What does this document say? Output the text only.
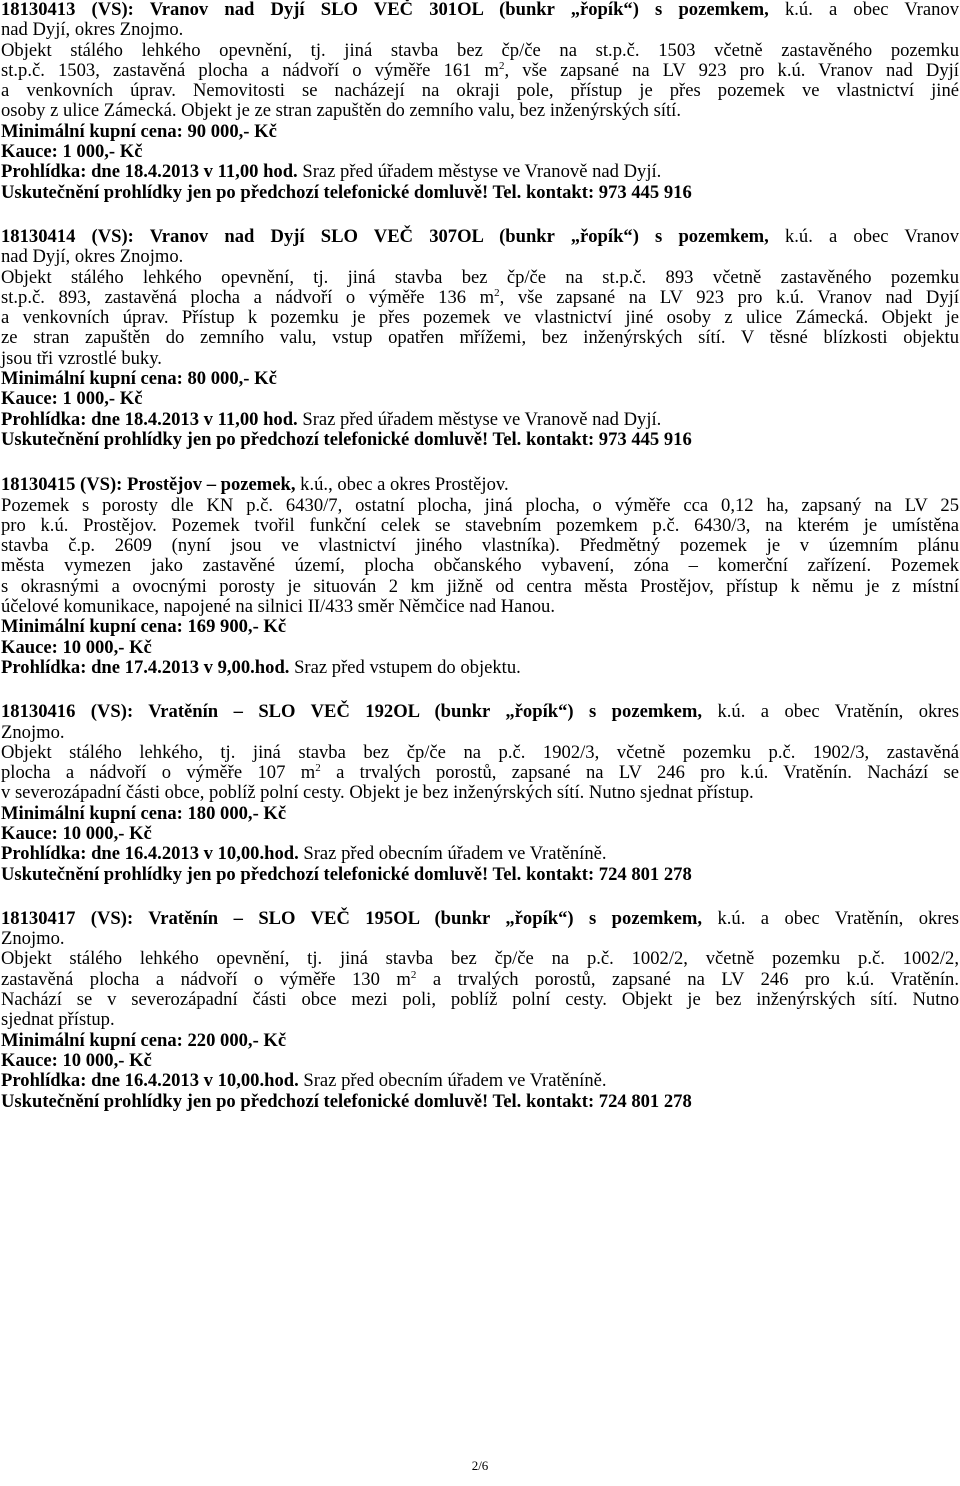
18130413 (VS): Vranov nad Dyjí SLO VEČ 301OL (bunkr „řopík“) s pozemkem, k.ú. a obec Vranov
nad Dyjí, okres Znojmo.
Objekt stálého lehkého opevnění, tj. jiná stavba bez čp/če na st.p.č. 1503 včetně zastavěného pozemku
st.p.č. 1503, zastavěná plocha a nádvoří o výměře 161 $m^2$, vše zapsané na LV 923 pro k.ú. Vranov nad Dyjí
a venkovních úprav. Nemovitosti se nacházejí na okraji pole, přístup je přes pozemek ve vlastnictví jiné
osoby z ulice Zámecká. Objekt je ze stran zapuštěn do zemního valu, bez inženýrských sítí.
Minimální kupní cena: 90 000,- Kč
Kauce: 1 000,- Kč
Prohlídka: dne 18.4.2013 v 11,00 hod. Sraz před úřadem městyse ve Vranově nad Dyjí.
Uskutečnění prohlídky jen po předchozí telefonické domluvě! Tel. kontakt: 973 445 916
18130414 (VS): Vranov nad Dyjí SLO VEČ 307OL (bunkr „řopík“) s pozemkem, k.ú. a obec Vranov
nad Dyjí, okres Znojmo.
Objekt stálého lehkého opevnění, tj. jiná stavba bez čp/če na st.p.č. 893 včetně zastavěného pozemku
st.p.č. 893, zastavěná plocha a nádvoří o výměře 136 $m^2$, vše zapsané na LV 923 pro k.ú. Vranov nad Dyjí
a venkovních úprav. Přístup k pozemku je přes pozemek ve vlastnictví jiné osoby z ulice Zámecká. Objekt je
ze stran zapuštěn do zemního valu, vstup opatřen mřížemi, bez inženýrských sítí. V těsné blízkosti objektu
jsou tři vzrostlé buky.
Minimální kupní cena: 80 000,- Kč
Kauce: 1 000,- Kč
Prohlídka: dne 18.4.2013 v 11,00 hod. Sraz před úřadem městyse ve Vranově nad Dyjí.
Uskutečnění prohlídky jen po předchozí telefonické domluvě! Tel. kontakt: 973 445 916
18130415 (VS): Prostějov – pozemek, k.ú., obec a okres Prostějov.
Pozemek s porosty dle KN p.č. 6430/7, ostatní plocha, jiná plocha, o výměře cca 0,12 ha, zapsaný na LV 25
pro k.ú. Prostějov. Pozemek tvořil funkční celek se stavebním pozemkem p.č. 6430/3, na kterém je umístěna
stavba č.p. 2609 (nyní jsou ve vlastnictví jiného vlastníka). Předmětný pozemek je v územním plánu
města vymezen jako zastavěné území, plocha občanského vybavení, zóna – komerční zařízení. Pozemek
s okrasnými a ovocnými porosty je situován 2 km jižně od centra města Prostějov, přístup k němu je z místní
účelové komunikace, napojené na silnici II/433 směr Němčice nad Hanou.
Minimální kupní cena: 169 900,- Kč
Kauce: 10 000,- Kč
Prohlídka: dne 17.4.2013 v 9,00.hod. Sraz před vstupem do objektu.
18130416 (VS): Vratěnín – SLO VEČ 192OL (bunkr „řopík“) s pozemkem, k.ú. a obec Vratěnín, okres
Znojmo.
Objekt stálého lehkého, tj. jiná stavba bez čp/če na p.č. 1902/3, včetně pozemku p.č. 1902/3, zastavěná
plocha a nádvoří o výměře 107 $m^2$ a trvalých porostů, zapsané na LV 246 pro k.ú. Vratěnín. Nachází se
v severozápadní části obce, poblíž polní cesty. Objekt je bez inženýrských sítí. Nutno sjednat přístup.
Minimální kupní cena: 180 000,- Kč
Kauce: 10 000,- Kč
Prohlídka: dne 16.4.2013 v 10,00.hod. Sraz před obecním úřadem ve Vratěníně.
Uskutečnění prohlídky jen po předchozí telefonické domluvě! Tel. kontakt: 724 801 278
18130417 (VS): Vratěnín – SLO VEČ 195OL (bunkr „řopík“) s pozemkem, k.ú. a obec Vratěnín, okres
Znojmo.
Objekt stálého lehkého opevnění, tj. jiná stavba bez čp/če na p.č. 1002/2, včetně pozemku p.č. 1002/2,
zastavěná plocha a nádvoří o výměře 130 $m^2$ a trvalých porostů, zapsané na LV 246 pro k.ú. Vratěnín.
Nachází se v severozápadní části obce mezi poli, poblíž polní cesty. Objekt je bez inženýrských sítí. Nutno
sjednat přístup.
Minimální kupní cena: 220 000,- Kč
Kauce: 10 000,- Kč
Prohlídka: dne 16.4.2013 v 10,00.hod. Sraz před obecním úřadem ve Vratěníně.
Uskutečnění prohlídky jen po předchozí telefonické domluvě! Tel. kontakt: 724 801 278
2/6
